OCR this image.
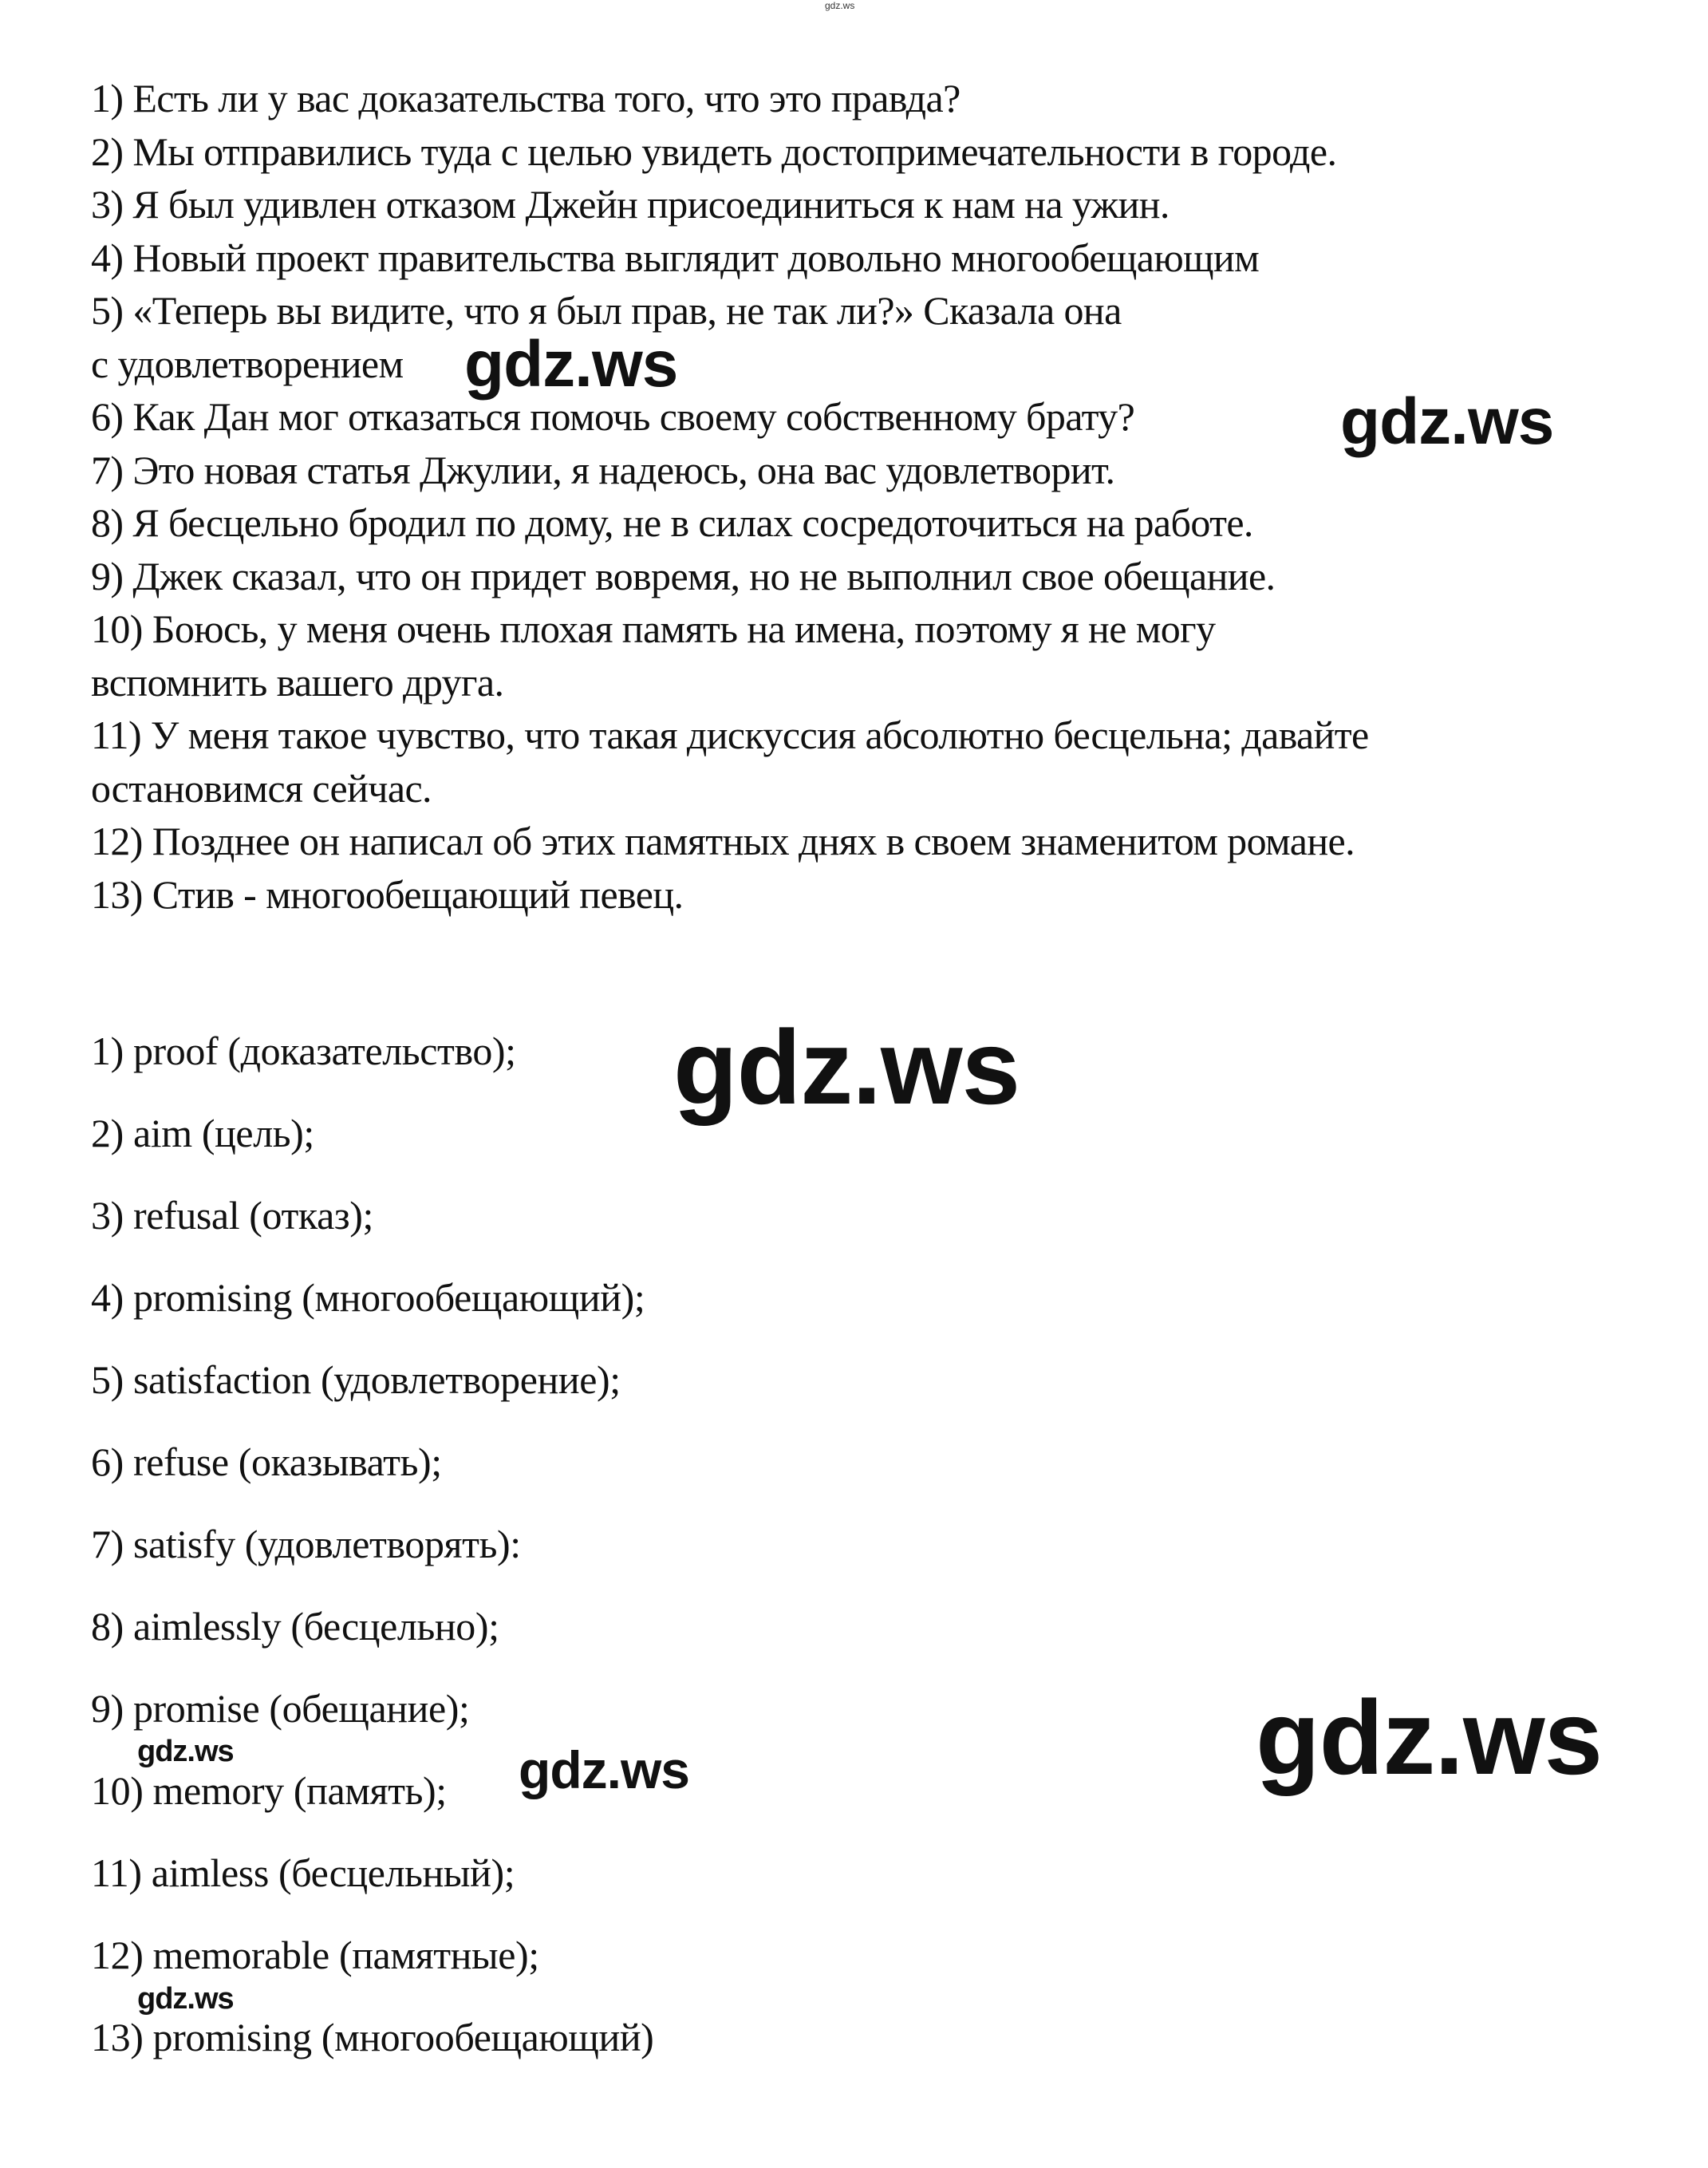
gdz.ws
1) Есть ли у вас доказательства того, что это правда?
2) Мы отправились туда с целью увидеть достопримечательности в городе.
3) Я был удивлен отказом Джейн присоединиться к нам на ужин.
4) Новый проект правительства выглядит довольно многообещающим
5) «Теперь вы видите, что я был прав, не так ли?» Сказала она
с удовлетворением
6) Как Дан мог отказаться помочь своему собственному брату?
7) Это новая статья Джулии, я надеюсь, она вас удовлетворит.
8) Я бесцельно бродил по дому, не в силах сосредоточиться на работе.
9) Джек сказал, что он придет вовремя, но не выполнил свое обещание.
10) Боюсь, у меня очень плохая память на имена, поэтому я не могу
вспомнить вашего друга.
11) У меня такое чувство, что такая дискуссия абсолютно бесцельна; давайте
остановимся сейчас.
12) Позднее он написал об этих памятных днях в своем знаменитом романе.
13) Стив - многообещающий певец.
1) proof (доказательство);
2) aim (цель);
3) refusal (отказ);
4) promising (многообещающий);
5) satisfaction (удовлетворение);
6) refuse (оказывать);
7) satisfy (удовлетворять):
8) aimlessly (бесцельно);
9) promise (обещание);
10) memory (память);
11) aimless (бесцельный);
12) memorable (памятные);
13) promising (многообещающий)
gdz.ws
gdz.ws
gdz.ws
gdz.ws
gdz.ws
gdz.ws
gdz.ws
